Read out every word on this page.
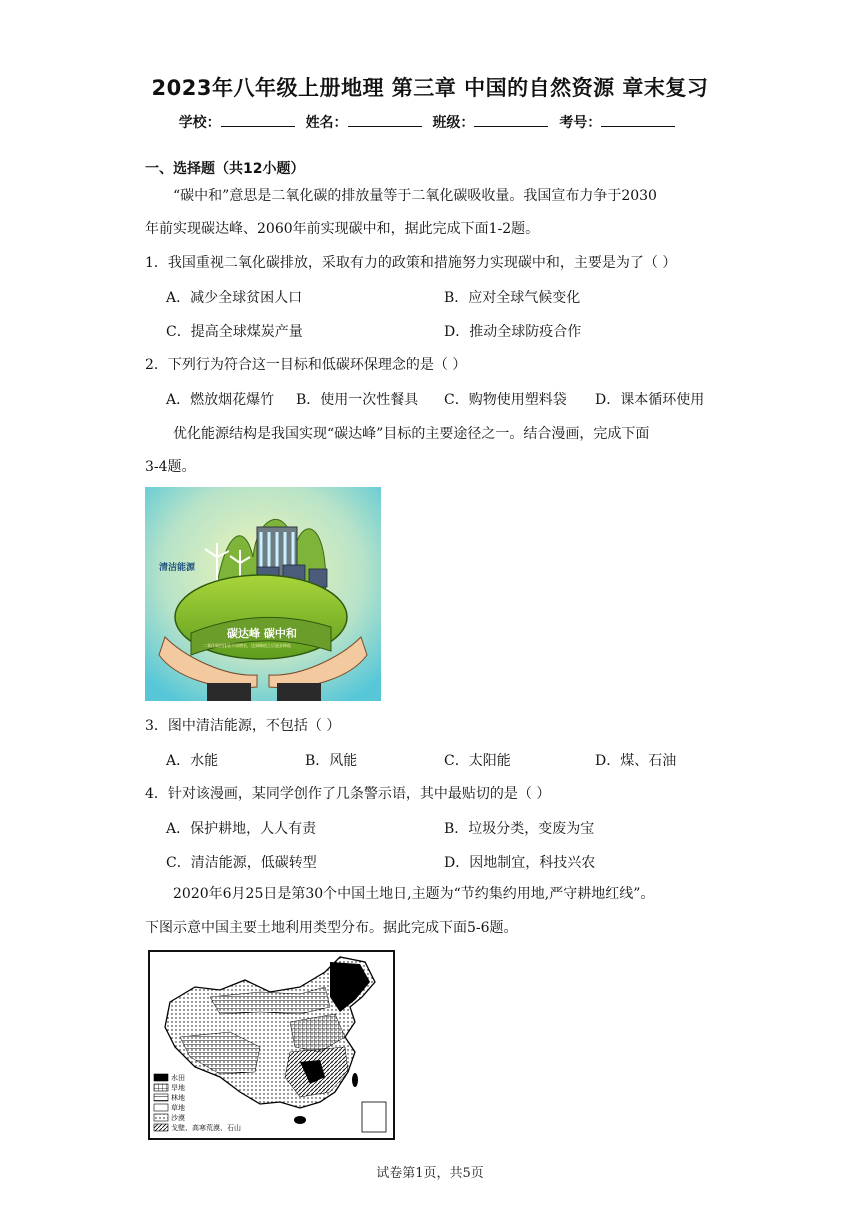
2023年八年级上册地理 第三章 中国的自然资源 章末复习
学校：	姓名：	班级：	考号：
一、选择题（共12小题）
“碳中和”意思是二氧化碳的排放量等于二氧化碳吸收量。我国宣布力争于2030
年前实现碳达峰、2060年前实现碳中和，据此完成下面1-2题。
1．我国重视二氧化碳排放，采取有力的政策和措施努力实现碳中和，主要是为了（ ）
A．减少全球贫困人口	B．应对全球气候变化
C．提高全球煤炭产量	D．推动全球防疫合作
2．下列行为符合这一目标和低碳环保理念的是（ ）
A．燃放烟花爆竹 B．使用一次性餐具 C．购物使用塑料袋 D．课本循环使用
优化能源结构是我国实现“碳达峰”目标的主要途径之一。结合漫画，完成下面
3-4题。
清洁能源
碳达峰 碳中和
二氧化碳的排放不再增长，达到峰值之后逐步降低
3．图中清洁能源，不包括（ ）
A．水能	B．风能	C．太阳能	D．煤、石油
4．针对该漫画，某同学创作了几条警示语，其中最贴切的是（ ）
A．保护耕地，人人有责	B．垃圾分类，变废为宝
C．清洁能源，低碳转型	D．因地制宜，科技兴农
2020年6月25日是第30个中国土地日,主题为“节约集约用地,严守耕地红线”。
下图示意中国主要土地利用类型分布。据此完成下面5-6题。
水田
旱地
林地
草地
沙漠
戈壁、高寒荒漠、石山
试卷第1页，共5页
